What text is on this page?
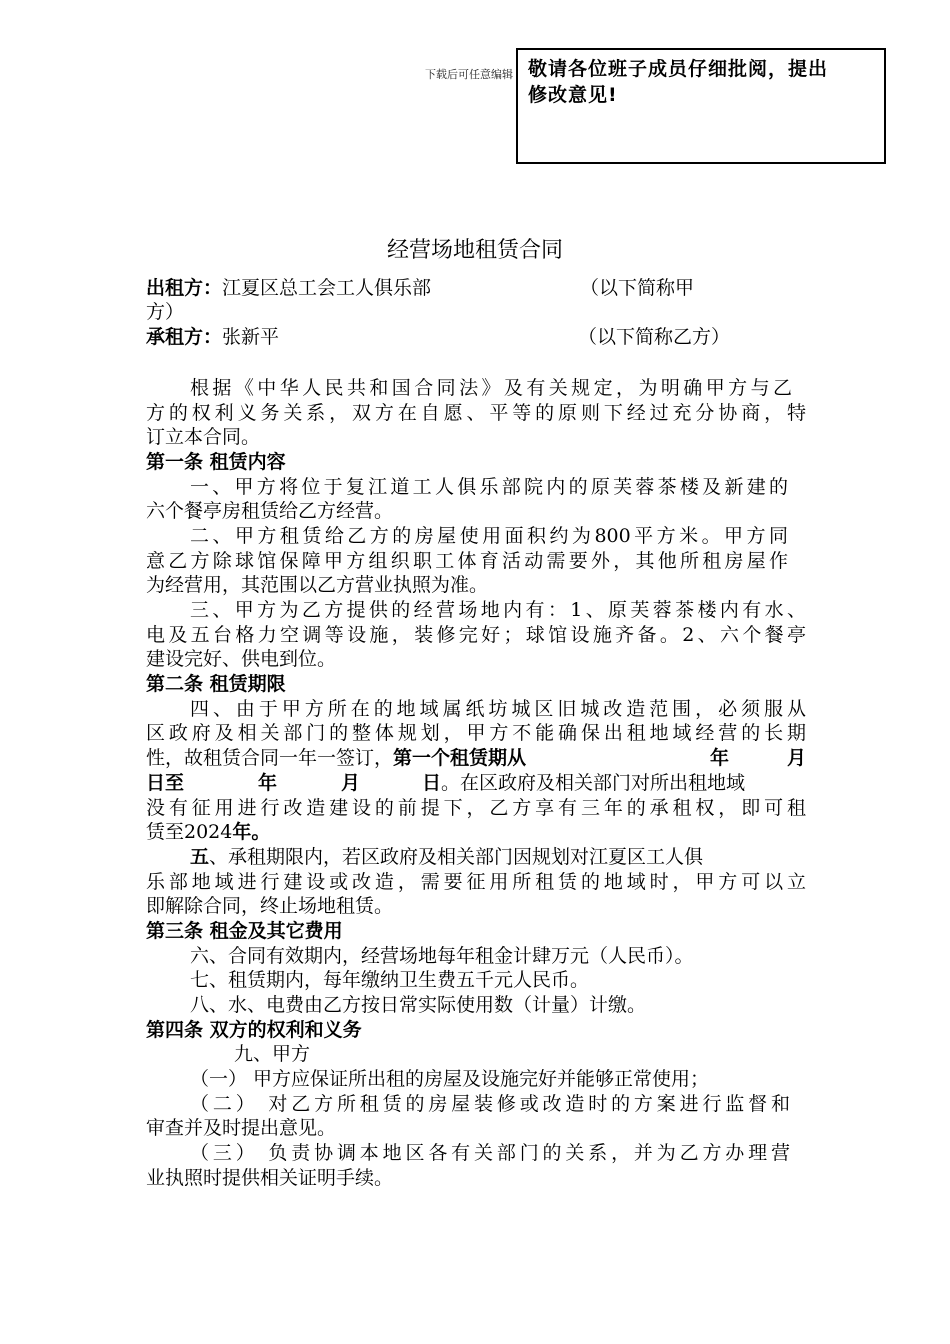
下载后可任意编辑 敬请各位班子成员仔细批阅，提出
修改意见!
经营场地租赁合同
出租方：江夏区总工会工人俱乐部	（以下简称甲
方）
承租方：张新平	（以下简称乙方）
根据《中华人民共和国合同法》及有关规定，为明确甲方与乙
方的权利义务关系，双方在自愿、平等的原则下经过充分协商，特
订立本合同。
第一条 租赁内容
一、甲方将位于复江道工人俱乐部院内的原芙蓉茶楼及新建的
六个餐亭房租赁给乙方经营。
二、甲方租赁给乙方的房屋使用面积约为800平方米。甲方同
意乙方除球馆保障甲方组织职工体育活动需要外，其他所租房屋作
为经营用，其范围以乙方营业执照为准。
三、甲方为乙方提供的经营场地内有：1、原芙蓉茶楼内有水、
电及五台格力空调等设施，装修完好；球馆设施齐备。2、六个餐亭
建设完好、供电到位。
第二条 租赁期限
四、由于甲方所在的地域属纸坊城区旧城改造范围，必须服从
区政府及相关部门的整体规划，甲方不能确保出租地域经营的长期
性，故租赁合同一年一签订，第一个租赁期从	年	月
日至	年	月	日。在区政府及相关部门对所出租地域
没有征用进行改造建设的前提下，乙方享有三年的承租权，即可租
赁至2024年。
五、承租期限内，若区政府及相关部门因规划对江夏区工人俱
乐部地域进行建设或改造，需要征用所租赁的地域时，甲方可以立
即解除合同，终止场地租赁。
第三条 租金及其它费用
六、合同有效期内，经营场地每年租金计肆万元（人民币）。
七、租赁期内，每年缴纳卫生费五千元人民币。
八、水、电费由乙方按日常实际使用数（计量）计缴。
第四条 双方的权利和义务
九、甲方
（一） 甲方应保证所出租的房屋及设施完好并能够正常使用；
（二） 对乙方所租赁的房屋装修或改造时的方案进行监督和
审查并及时提出意见。
（三） 负责协调本地区各有关部门的关系，并为乙方办理营
业执照时提供相关证明手续。
